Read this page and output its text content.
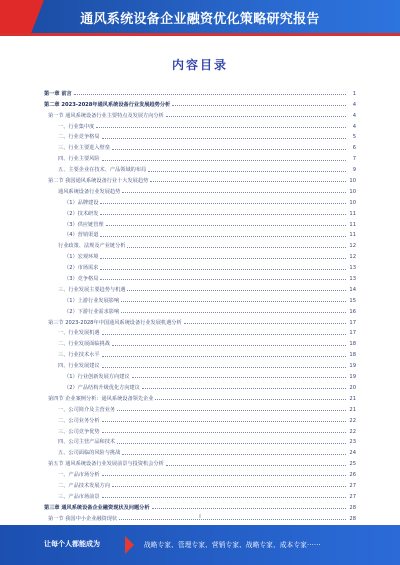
通风系统设备企业融资优化策略研究报告
内容目录
第一章 前言	1
第二章 2023-2028年通风系统设备行业发展趋势分析	4
第一节 通风系统设备行业主要特点及发展方向分析	4
一、行业集中度	4
二、行业竞争格局	5
三、行业主要进入壁垒	6
四、行业主要风险	7
五、主要企业在技术、产品领域的布局	9
第二节 我国通风系统设备行业十大发展趋势	10
通风系统设备行业发展趋势	10
（1）品牌建设	10
（2）技术研发	11
（3）供应链管理	11
（4）营销渠道	11
行业政策、法规及产业链分析	12
（1）宏观环境	12
（2）市场需求	13
（3）竞争格局	13
三、行业发展主要趋势与机遇	14
（1）上游行业发展影响	15
（2）下游行业需求影响	16
第三节 2023-2028年中国通风系统设备行业发展机遇分析	17
一、行业发展机遇	17
二、行业发展面临挑战	18
三、行业技术水平	18
四、行业发展建议	19
（1）行业创新发展方向建议	19
（2）产品结构升级优化方向建议	20
第四节 企业案例分析：通风系统设备领先企业	21
一、公司简介及主营业务	21
二、公司业务分析	22
三、公司竞争优势	22
四、公司主营产品和技术	23
五、公司面临的风险与挑战	24
第五节 通风系统设备行业发展前景与投资机会分析	25
一、产品市场分析	26
二、产品技术发展方向	27
三、产品市场前景	27
第三章 通风系统设备企业融资现状及问题分析	28
第一节 我国中小企业融资现状	28
I
让每个人都能成为	战略专家、管理专家、营销专家、战略专家、成本专家······
